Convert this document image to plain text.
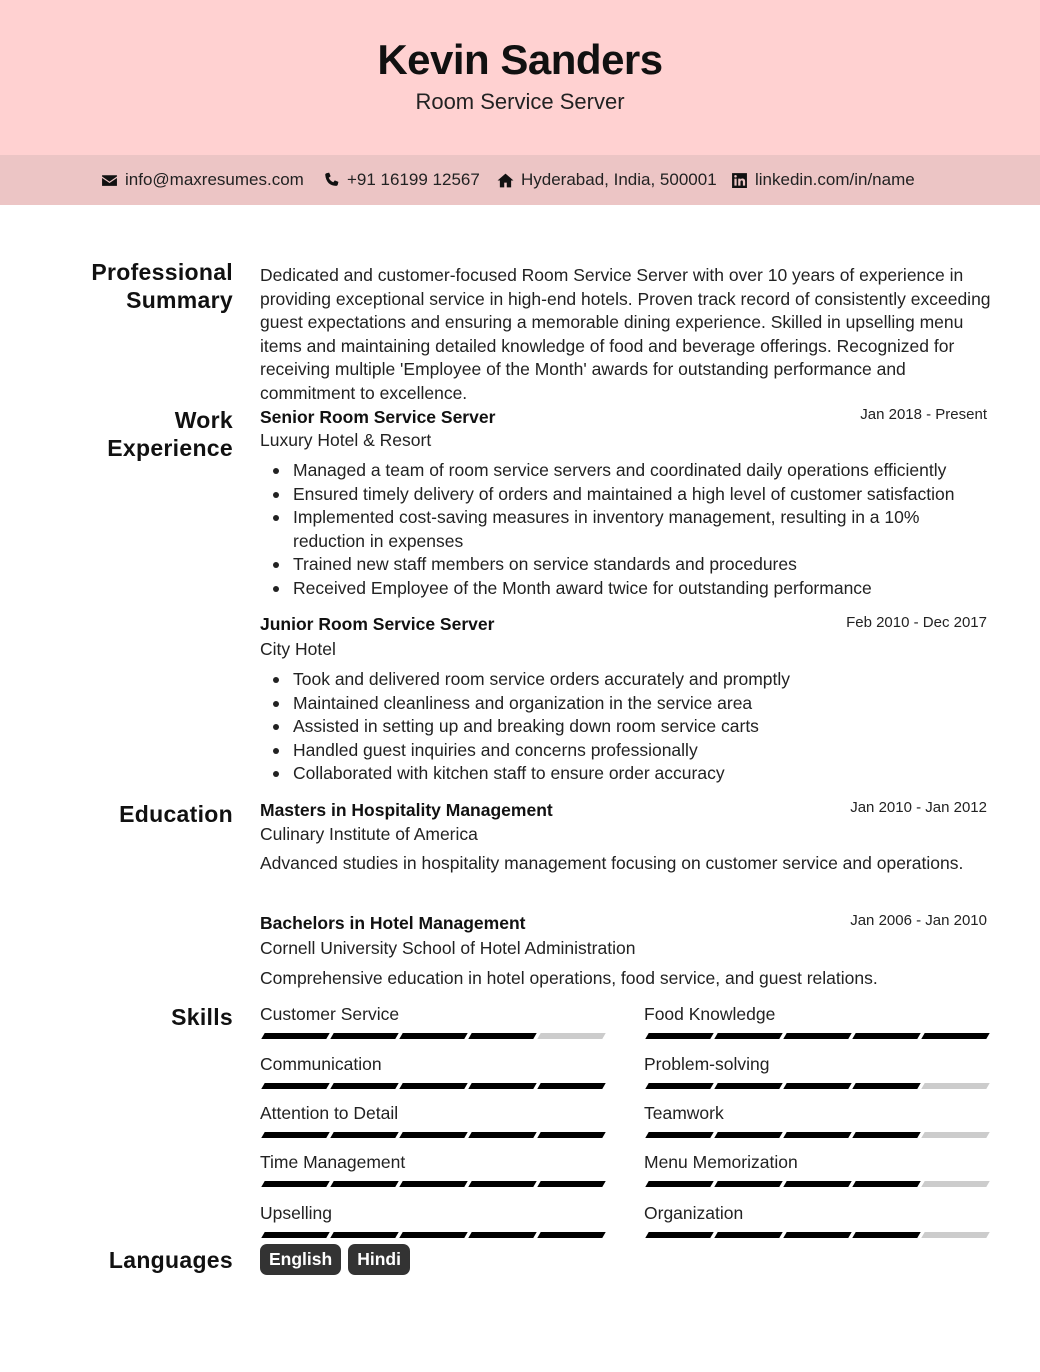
Kevin Sanders
Room Service Server
info@maxresumes.com	+91 16199 12567 Hyderabad, India, 500001 linkedin.com/in/name
Professional
Summary
Dedicated and customer-focused Room Service Server with over 10 years of experience in providing exceptional service in high-end hotels. Proven track record of consistently exceeding guest expectations and ensuring a memorable dining experience. Skilled in upselling menu items and maintaining detailed knowledge of food and beverage offerings. Recognized for receiving multiple 'Employee of the Month' awards for outstanding performance and commitment to excellence.
Work
Experience
Senior Room Service Server	Jan 2018 - Present
Luxury Hotel & Resort
Managed a team of room service servers and coordinated daily operations efficiently
Ensured timely delivery of orders and maintained a high level of customer satisfaction
Implemented cost-saving measures in inventory management, resulting in a 10% reduction in expenses
Trained new staff members on service standards and procedures
Received Employee of the Month award twice for outstanding performance
Junior Room Service Server	Feb 2010 - Dec 2017
City Hotel
Took and delivered room service orders accurately and promptly
Maintained cleanliness and organization in the service area
Assisted in setting up and breaking down room service carts
Handled guest inquiries and concerns professionally
Collaborated with kitchen staff to ensure order accuracy
Education Masters in Hospitality Management	Jan 2010 - Jan 2012
Culinary Institute of America
Advanced studies in hospitality management focusing on customer service and operations.
Bachelors in Hotel Management	Jan 2006 - Jan 2010
Cornell University School of Hotel Administration
Comprehensive education in hotel operations, food service, and guest relations.
Skills Customer Service	Food Knowledge
Communication	Problem-solving
Attention to Detail	Teamwork
Time Management	Menu Memorization
Upselling	Organization
Languages	English	Hindi
